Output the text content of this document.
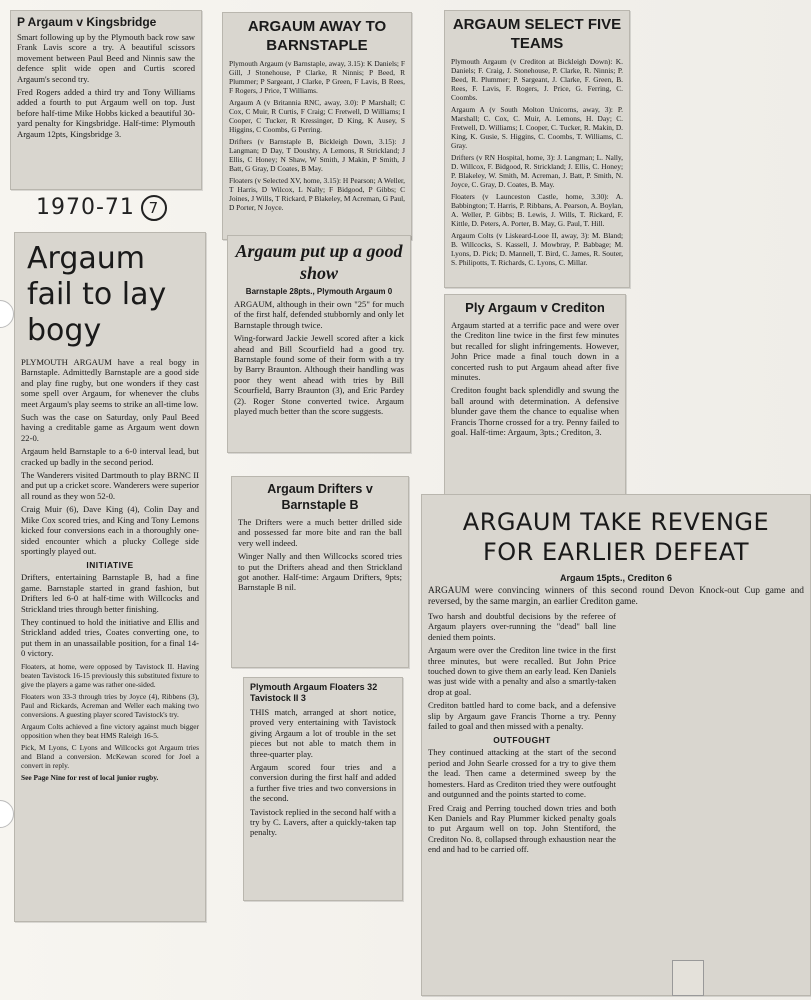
P Argaum v Kingsbridge

Smart following up by the Plymouth back row saw Frank Lavis score a try. A beautiful scissors movement between Paul Beed and Ninnis saw the defence split wide open and Curtis scored Argaum's second try.

Fred Rogers added a third try and Tony Williams added a fourth to put Argaum well on top. Just before half-time Mike Hobbs kicked a beautiful 30-yard penalty for Kingsbridge. Half-time: Plymouth Argaum 12pts, Kingsbridge 3.

ARGAUM AWAY TO BARNSTAPLE

Plymouth Argaum (v Barnstaple, away, 3.15): K Daniels; F Gill, J Stonehouse, P Clarke, R Ninnis; P Beed, R Plummer; P Sargeant, J Clarke, P Green, F Lavis, B Rees, F Rogers, J Price, T Williams.

Argaum A (v Britannia RNC, away, 3.0): P Marshall; C Cox, C Muir, R Curtis, F Craig; C Fretwell, D Williams; I Cooper, C Tucker, R Kressinger, D King, K Ausey, S Higgins, C Coombs, G Perring.

Drifters (v Barnstaple B, Bickleigh Down, 3.15): J Langman; D Day, T Doushty, A Lemons, R Strickland; J Ellis, C Honey; N Shaw, W Smith, J Makin, P Smith, J Batt, G Gray, D Coates, B May.

Floaters (v Selected XV, home, 3.15): H Pearson; A Weller, T Harris, D Wilcox, L Nally; F Bidgood, P Gibbs; C Joines, J Wills, T Rickard, P Blakeley, M Acreman, G Paul, D Porter, N Joyce.

ARGAUM SELECT FIVE TEAMS

Plymouth Argaum (v Crediton at Bickleigh Down): K. Daniels; F. Craig, J. Stonehouse, P. Clarke, R. Ninnis; P. Beed, R. Plummer; P. Sargeant, J. Clarke, F. Green, B. Rees, F. Lavis, F. Rogers, J. Price, G. Ferring, C. Coombs.

Argaum A (v South Molton Unicorns, away, 3): P. Marshall; C. Cox, C. Muir, A. Lemons, H. Day; C. Fretwell, D. Williams; I. Cooper, C. Tucker, R. Makin, D. King, K. Gusie, S. Higgins, C. Coombs, T. Williams, C. Gray.

Drifters (v RN Hospital, home, 3): J. Langman; L. Nally, D. Willcox, F. Bidgood, R. Strickland; J. Ellis, C. Honey; P. Blakeley, W. Smith, M. Acreman, J. Batt, P. Smith, N. Joyce, C. Gray, D. Coates, B. May.

Floaters (v Launceston Castle, home, 3.30): A. Babbington; T. Harris, P. Ribbans, A. Pearson, A. Boylan, A. Weller, P. Gibbs; B. Lewis, J. Wills, T. Rickard, F. Kittle, D. Peters, A. Porter, B. May, G. Paul, T. Hill.

Argaum Colts (v Liskeard-Looe II, away, 3): M. Bland; B. Willcocks, S. Kassell, J. Mowbray, P. Babbage; M. Lyons, D. Pick; D. Mannell, T. Bird, C. James, R. Souter, S. Philipotts, T. Richards, C. Lyons, C. Millar.

1970-71 7
Argaum fail to lay bogy

PLYMOUTH ARGAUM have a real bogy in Barnstaple. Admittedly Barnstaple are a good side and play fine rugby, but one wonders if they cast some spell over Argaum, for whenever the clubs meet Argaum's play seems to strike an all-time low.

Such was the case on Saturday, only Paul Beed having a creditable game as Argaum went down 22-0.

Argaum held Barnstaple to a 6-0 interval lead, but cracked up badly in the second period.

The Wanderers visited Dartmouth to play BRNC II and put up a cricket score. Wanderers were superior all round as they won 52-0.

Craig Muir (6), Dave King (4), Colin Day and Mike Cox scored tries, and King and Tony Lemons kicked four conversions each in a thoroughly one-sided encounter which a plucky College side sportingly played out.

INITIATIVE

Drifters, entertaining Barnstaple B, had a fine game. Barnstaple started in grand fashion, but Drifters led 6-0 at half-time with Willcocks and Strickland tries through better finishing.

They continued to hold the initiative and Ellis and Strickland added tries, Coates converting one, to put them in an unassailable position, for a final 14-0 victory.

Floaters, at home, were opposed by Tavistock II. Having beaten Tavistock 16-15 previously this substituted fixture to give the players a game was rather one-sided.

Floaters won 33-3 through tries by Joyce (4), Ribbens (3), Paul and Rickards, Acreman and Weller each making two conversions. A guesting player scored Tavistock's try.

Argaum Colts achieved a fine victory against much bigger opposition when they beat HMS Raleigh 16-5.

Pick, M Lyons, C Lyons and Willcocks got Argaum tries and Bland a conversion. McKewan scored for Joel a convert in reply.

See Page Nine for rest of local junior rugby.

Argaum put up a good show
Barnstaple 28pts., Plymouth Argaum 0

ARGAUM, although in their own "25" for much of the first half, defended stubbornly and only let Barnstaple through twice.

Wing-forward Jackie Jewell scored after a kick ahead and Bill Scourfield had a good try. Barnstaple found some of their form with a try by Barry Braunton. Although their handling was poor they went ahead with tries by Bill Scourfield, Barry Braunton (3), and Eric Pardey (2). Roger Stone converted twice. Argaum played much better than the score suggests.

Argaum Drifters v Barnstaple B

The Drifters were a much better drilled side and possessed far more bite and ran the ball very well indeed.

Winger Nally and then Willcocks scored tries to put the Drifters ahead and then Strickland got another. Half-time: Argaum Drifters, 9pts; Barnstaple B nil.

Plymouth Argaum Floaters 32 Tavistock II 3

THIS match, arranged at short notice, proved very entertaining with Tavistock giving Argaum a lot of trouble in the set pieces but not able to match them in three-quarter play.

Argaum scored four tries and a conversion during the first half and added a further five tries and two conversions in the second.

Tavistock replied in the second half with a try by C. Lavers, after a quickly-taken tap penalty.

Ply Argaum v Crediton

Argaum started at a terrific pace and were over the Crediton line twice in the first few minutes but recalled for slight infringements. However, John Price made a final touch down in a concerted rush to put Argaum ahead after five minutes.

Crediton fought back splendidly and swung the ball around with determination. A defensive blunder gave them the chance to equalise when Francis Thorne crossed for a try. Penny failed to goal. Half-time: Argaum, 3pts.; Crediton, 3.

ARGAUM TAKE REVENGE
FOR EARLIER DEFEAT
Argaum 15pts., Crediton 6

ARGAUM were convincing winners of this second round Devon Knock-out Cup game and reversed, by the same margin, an earlier Crediton game.

Two harsh and doubtful decisions by the referee of Argaum players over-running the "dead" ball line denied them points.

Argaum were over the Crediton line twice in the first three minutes, but were recalled. But John Price touched down to give them an early lead. Ken Daniels was just wide with a penalty and also a smartly-taken drop at goal.

Crediton battled hard to come back, and a defensive slip by Argaum gave Francis Thorne a try. Penny failed to goal and then missed with a penalty.

OUTFOUGHT

They continued attacking at the start of the second period and John Searle crossed for a try to give them the lead. Then came a determined sweep by the homesters. Hard as Crediton tried they were outfought and outgunned and the points started to come.

Fred Craig and Perring touched down tries and both Ken Daniels and Ray Plummer kicked penalty goals to put Argaum well on top. John Stentiford, the Crediton No. 8, collapsed through exhaustion near the end and had to be carried off.
